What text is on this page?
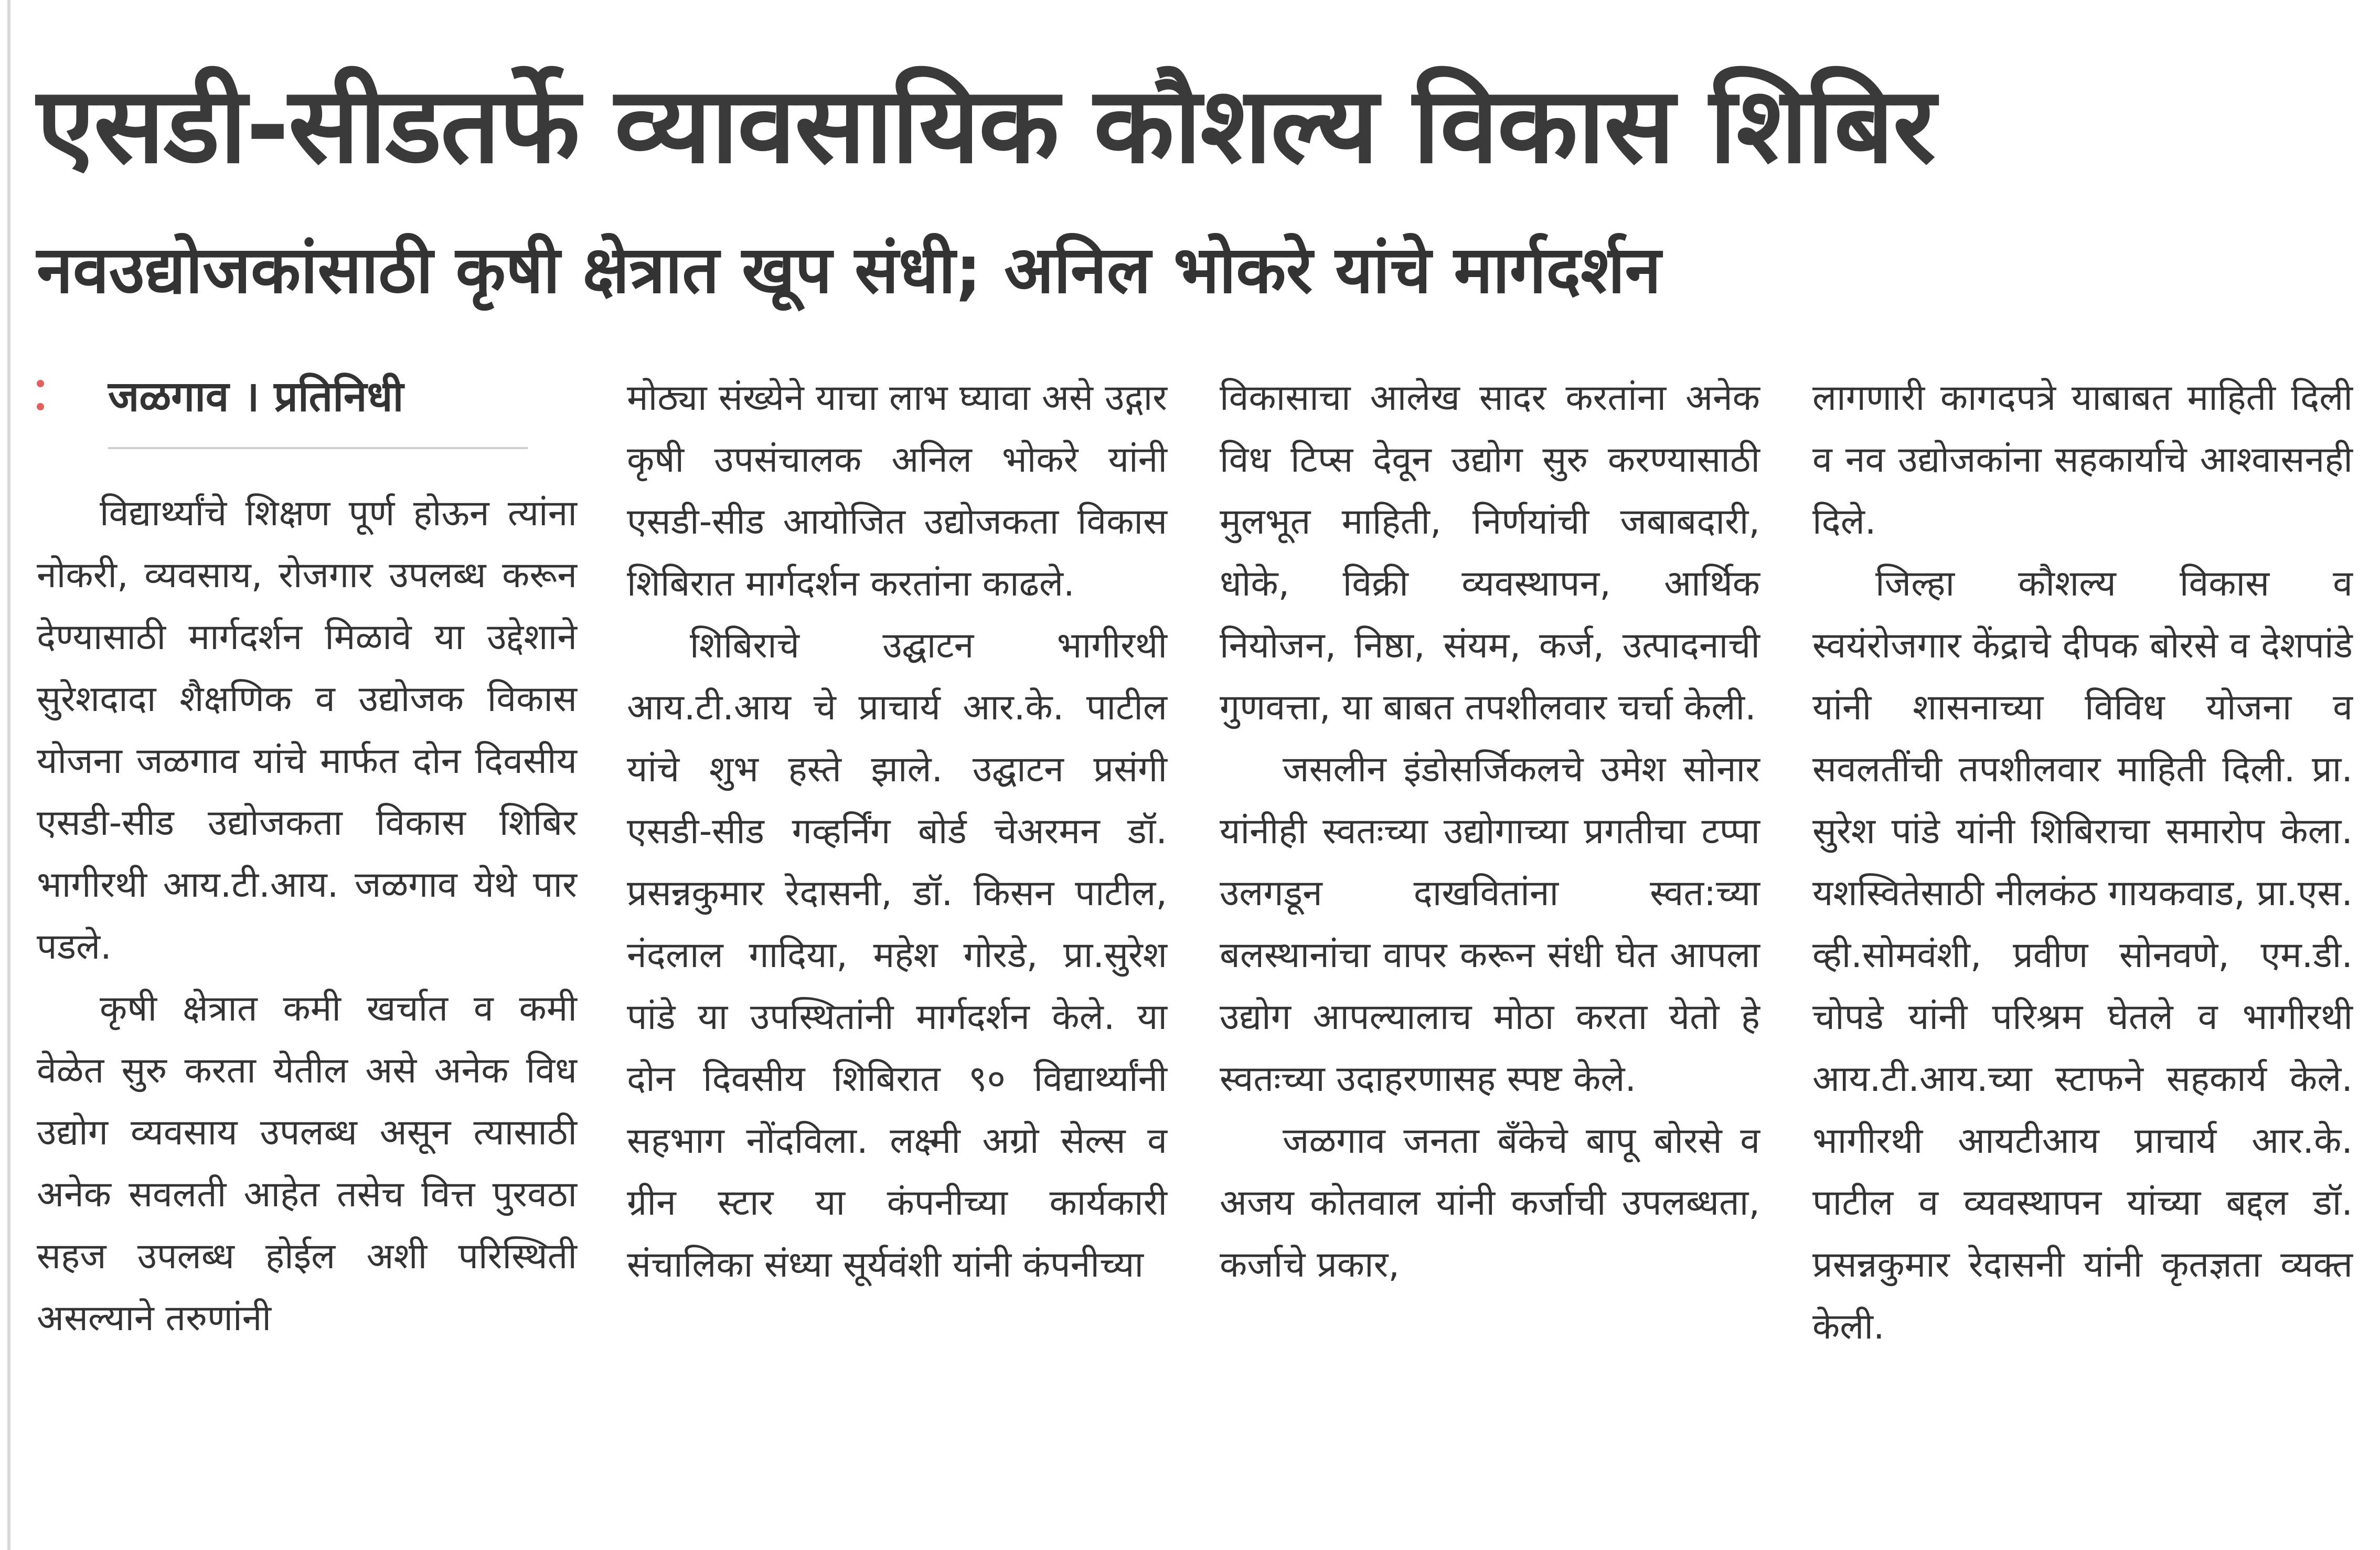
एसडी-सीडतर्फे व्यावसायिक कौशल्य विकास शिबिर
नवउद्योजकांसाठी कृषी क्षेत्रात खूप संधी; अनिल भोकरे यांचे मार्गदर्शन
जळगाव । प्रतिनिधी

विद्यार्थ्यांचे शिक्षण पूर्ण होऊन त्यांना नोकरी, व्यवसाय, रोजगार उपलब्ध करून देण्यासाठी मार्गदर्शन मिळावे या उद्देशाने सुरेशदादा शैक्षणिक व उद्योजक विकास योजना जळगाव यांचे मार्फत दोन दिवसीय एसडी-सीड उद्योजकता विकास शिबिर भागीरथी आय.टी.आय. जळगाव येथे पार पडले.

कृषी क्षेत्रात कमी खर्चात व कमी वेळेत सुरु करता येतील असे अनेक विध उद्योग व्यवसाय उपलब्ध असून त्यासाठी अनेक सवलती आहेत तसेच वित्त पुरवठा सहज उपलब्ध होईल अशी परिस्थिती असल्याने तरुणांनी

मोठ्या संख्येने याचा लाभ घ्यावा असे उद्गार कृषी उपसंचालक अनिल भोकरे यांनी एसडी-सीड आयोजित उद्योजकता विकास शिबिरात मार्गदर्शन करतांना काढले.

शिबिराचे उद्घाटन भागीरथी आय.टी.आय चे प्राचार्य आर.के. पाटील यांचे शुभ हस्ते झाले. उद्घाटन प्रसंगी एसडी-सीड गव्हर्निंग बोर्ड चेअरमन डॉ. प्रसन्नकुमार रेदासनी, डॉ. किसन पाटील, नंदलाल गादिया, महेश गोरडे, प्रा.सुरेश पांडे या उपस्थितांनी मार्गदर्शन केले. या दोन दिवसीय शिबिरात ९० विद्यार्थ्यांनी सहभाग नोंदविला. लक्ष्मी अग्रो सेल्स व ग्रीन स्टार या कंपनीच्या कार्यकारी संचालिका संध्या सूर्यवंशी यांनी कंपनीच्या

विकासाचा आलेख सादर करतांना अनेक विध टिप्स देवून उद्योग सुरु करण्यासाठी मुलभूत माहिती, निर्णयांची जबाबदारी, धोके, विक्री व्यवस्थापन, आर्थिक नियोजन, निष्ठा, संयम, कर्ज, उत्पादनाची गुणवत्ता, या बाबत तपशीलवार चर्चा केली.

जसलीन इंडोसर्जिकलचे उमेश सोनार यांनीही स्वतःच्या उद्योगाच्या प्रगतीचा टप्पा उलगडून दाखवितांना स्वत:च्या बलस्थानांचा वापर करून संधी घेत आपला उद्योग आपल्यालाच मोठा करता येतो हे स्वतःच्या उदाहरणासह स्पष्ट केले.

जळगाव जनता बँकेचे बापू बोरसे व अजय कोतवाल यांनी कर्जाची उपलब्धता, कर्जाचे प्रकार,

लागणारी कागदपत्रे याबाबत माहिती दिली व नव उद्योजकांना सहकार्याचे आश्वासनही दिले.

जिल्हा कौशल्य विकास व स्वयंरोजगार केंद्राचे दीपक बोरसे व देशपांडे यांनी शासनाच्या विविध योजना व सवलतींची तपशीलवार माहिती दिली. प्रा. सुरेश पांडे यांनी शिबिराचा समारोप केला. यशस्वितेसाठी नीलकंठ गायकवाड, प्रा.एस. व्ही.सोमवंशी, प्रवीण सोनवणे, एम.डी. चोपडे यांनी परिश्रम घेतले व भागीरथी आय.टी.आय.च्या स्टाफने सहकार्य केले. भागीरथी आयटीआय प्राचार्य आर.के. पाटील व व्यवस्थापन यांच्या बद्दल डॉ. प्रसन्नकुमार रेदासनी यांनी कृतज्ञता व्यक्त केली.
